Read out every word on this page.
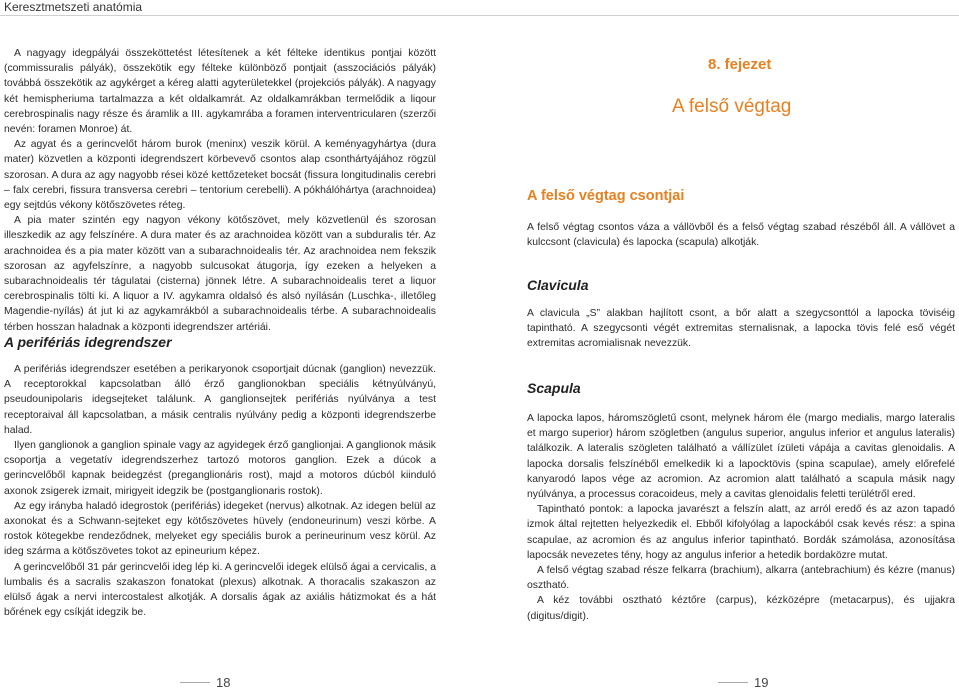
Keresztmetszeti anatómia

A nagyagy idegpályái összeköttetést létesítenek a két félteke identikus pontjai között (commissuralis pályák), összekötik egy félteke különböző pontjait (asszociációs pályák) továbbá összekötik az agykérget a kéreg alatti agyterületekkel (projekciós pályák). A nagyagy két hemispheriuma tartalmazza a két oldalkamrát. Az oldalkamrákban termelődik a liqour cerebrospinalis nagy része és áramlik a III. agykamrába a foramen interventricularen (szerzői nevén: foramen Monroe) át.

Az agyat és a gerincvelőt három burok (meninx) veszik körül. A keményagyhártya (dura mater) közvetlen a központi idegrendszert körbevevő csontos alap csonthártyájához rögzül szorosan. A dura az agy nagyobb rései közé kettőzeteket bocsát (fissura longitudinalis cerebri – falx cerebri, fissura transversa cerebri – tentorium cerebelli). A pókhálóhártya (arachnoidea) egy sejtdús vékony kötőszövetes réteg.

A pia mater szintén egy nagyon vékony kötőszövet, mely közvetlenül és szorosan illeszkedik az agy felszínére. A dura mater és az arachnoidea között van a subduralis tér. Az arachnoidea és a pia mater között van a subarachnoidealis tér. Az arachnoidea nem fekszik szorosan az agyfelszínre, a nagyobb sulcusokat átugorja, így ezeken a helyeken a subarachnoidealis tér tágulatai (cisterna) jönnek létre. A subarachnoidealis teret a liquor cerebrospinalis tölti ki. A liquor a IV. agykamra oldalsó és alsó nyílásán (Luschka-, illetőleg Magendie-nyílás) át jut ki az agykamrákból a subarachnoidealis térbe. A subarachnoidealis térben hosszan haladnak a központi idegrendszer artériái.

A perifériás idegrendszer

A perifériás idegrendszer esetében a perikaryonok csoportjait dúcnak (ganglion) nevezzük. A receptorokkal kapcsolatban álló érző ganglionokban speciális kétnyúlványú, pseudounipolaris idegsejteket találunk. A ganglionsejtek perifériás nyúlványa a test receptoraival áll kapcsolatban, a másik centralis nyúlvány pedig a központi idegrendszerbe halad.

Ilyen ganglionok a ganglion spinale vagy az agyidegek érző ganglionjai. A ganglionok másik csoportja a vegetatív idegrendszerhez tartozó motoros ganglion. Ezek a dúcok a gerincvelőből kapnak beidegzést (preganglionáris rost), majd a motoros dúcból kiinduló axonok zsigerek izmait, mirigyeit idegzik be (postganglionaris rostok).

Az egy irányba haladó idegrostok (perifériás) idegeket (nervus) alkotnak. Az idegen belül az axonokat és a Schwann-sejteket egy kötőszövetes hüvely (endoneurinum) veszi körbe. A rostok kötegekbe rendeződnek, melyeket egy speciális burok a perineurinum vesz körül. Az ideg szárma a kötőszövetes tokot az epineurium képez.

A gerincvelőből 31 pár gerincvelői ideg lép ki. A gerincvelői idegek elülső ágai a cervicalis, a lumbalis és a sacralis szakaszon fonatokat (plexus) alkotnak. A thoracalis szakaszon az elülső ágak a nervi intercostalest alkotják. A dorsalis ágak az axiális hátizmokat és a hát bőrének egy csíkját idegzik be.

18
8. fejezet
A felső végtag
A felső végtag csontjai

A felső végtag csontos váza a vállövből és a felső végtag szabad részéből áll. A vállövet a kulccsont (clavicula) és lapocka (scapula) alkotják.

Clavicula

A clavicula „S” alakban hajlított csont, a bőr alatt a szegycsonttól a lapocka töviséig tapintható. A szegycsonti végét extremitas sternalisnak, a lapocka tövis felé eső végét extremitas acromialisnak nevezzük.

Scapula

A lapocka lapos, háromszögletű csont, melynek három éle (margo medialis, margo lateralis et margo superior) három szögletben (angulus superior, angulus inferior et angulus lateralis) találkozik. A lateralis szögleten található a vállízület ízületi vápája a cavitas glenoidalis. A lapocka dorsalis felszínéből emelkedik ki a lapocktövis (spina scapulae), amely előrefelé kanyarodó lapos vége az acromion. Az acromion alatt található a scapula másik nagy nyúlványa, a processus coracoideus, mely a cavitas glenoidalis feletti terülétről ered.

Tapintható pontok: a lapocka javarészt a felszín alatt, az arról eredő és az azon tapadó izmok által rejtetten helyezkedik el. Ebből kifolyólag a lapockából csak kevés rész: a spina scapulae, az acromion és az angulus inferior tapintható. Bordák számolása, azonosítása lapocsák nevezetes tény, hogy az angulus inferior a hetedik bordaközre mutat.

A felső végtag szabad része felkarra (brachium), alkarra (antebrachium) és kézre (manus) osztható.

A kéz további osztható kéztőre (carpus), kézközépre (metacarpus), és ujjakra (digitus/digit).

19
